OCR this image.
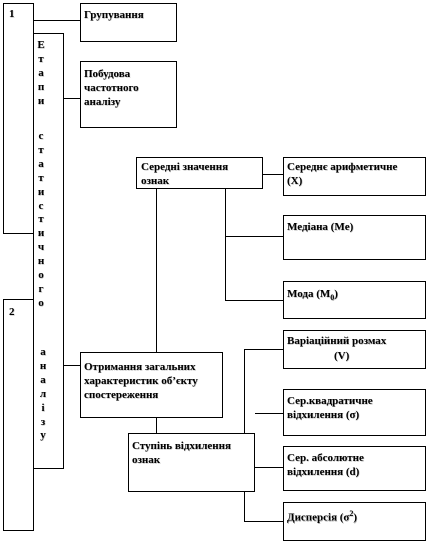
1
2
Е
т
а
п
и
с
т
а
т
и
с
т
и
ч
н
о
г
о
а
н
а
л
і
з
у
Групування
Побудова
частотного
аналізу
Отримання загальних
характеристик об’єкту
спостереження
Середні значення
ознак
Ступінь відхилення
ознак
Середнє арифметичне
(X)
Медіана (Me)
Мода $(M_0)$
Варіаційний розмах
(V)
Сер.квадратичне
відхилення (σ)
Сер. абсолютне
відхилення (d)
Дисперсія $(\sigma^2)$
